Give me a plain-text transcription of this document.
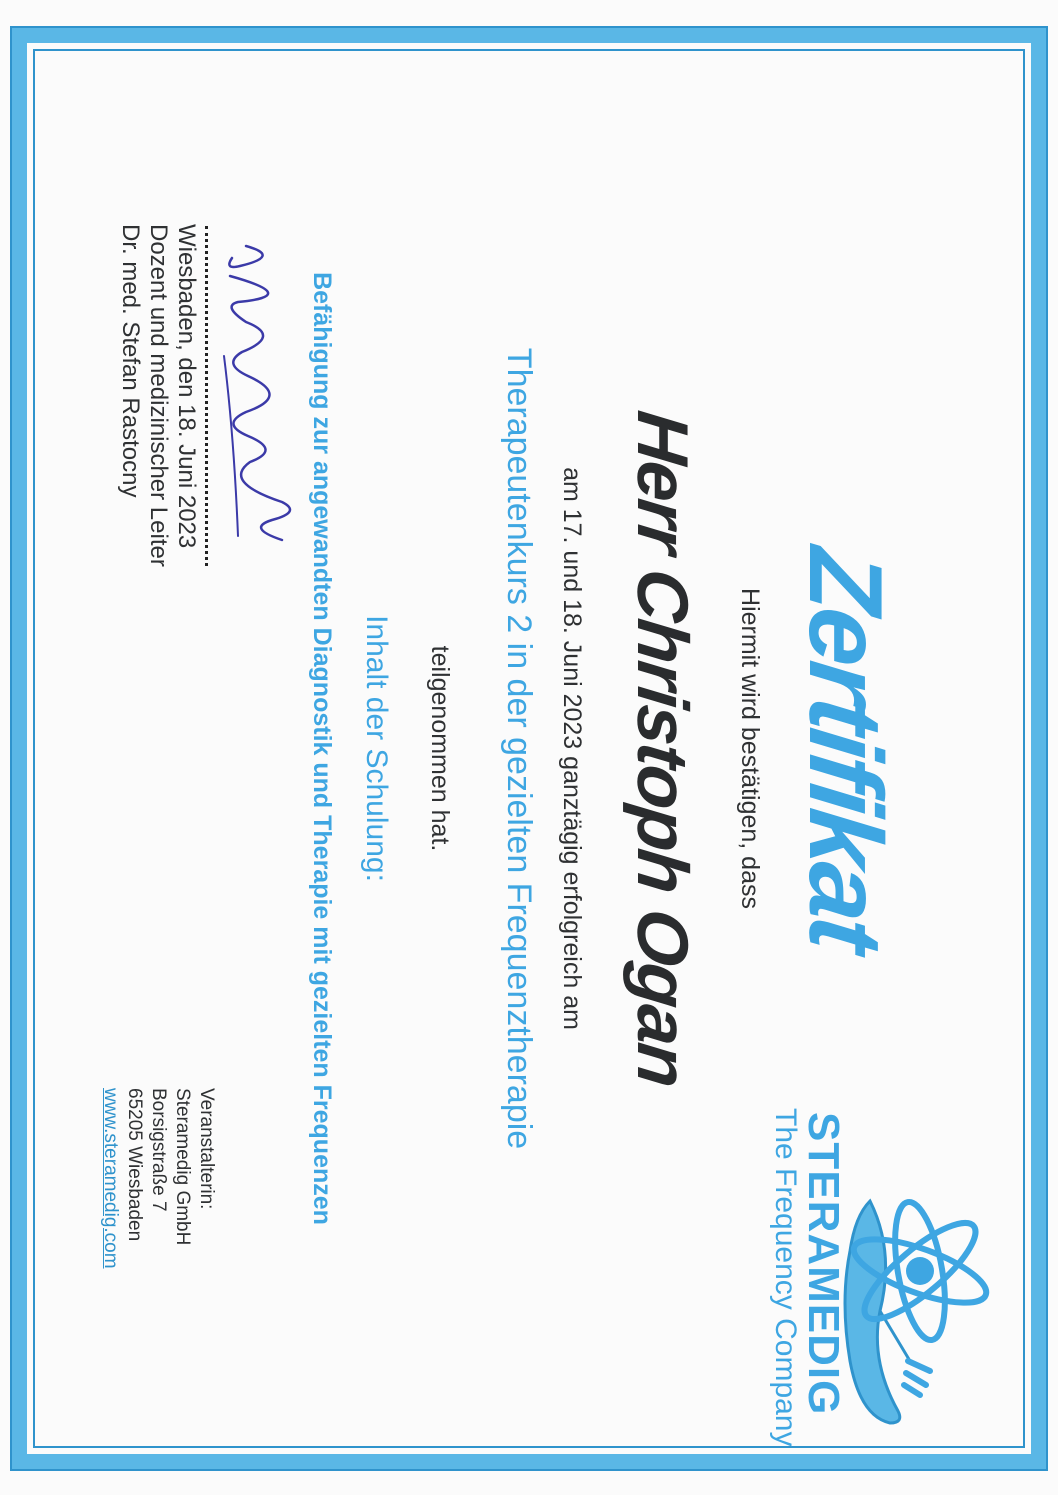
Zertifikat
Hiermit wird bestätigen, dass
Herr Christoph Ogan
am 17. und 18. Juni 2023 ganztägig erfolgreich am
Therapeutenkurs 2 in der gezielten Frequenztherapie
teilgenommen hat.
Inhalt der Schulung:
Befähigung zur angewandten Diagnostik und Therapie mit gezielten Frequenzen
STERAMEDIG
The Frequency Company
Wiesbaden, den 18. Juni 2023
Dozent und medizinischer Leiter
Dr. med. Stefan Rastocny
Veranstalterin:
Steramedig GmbH
Borsigstraße 7
65205 Wiesbaden
www.steramedig.com
